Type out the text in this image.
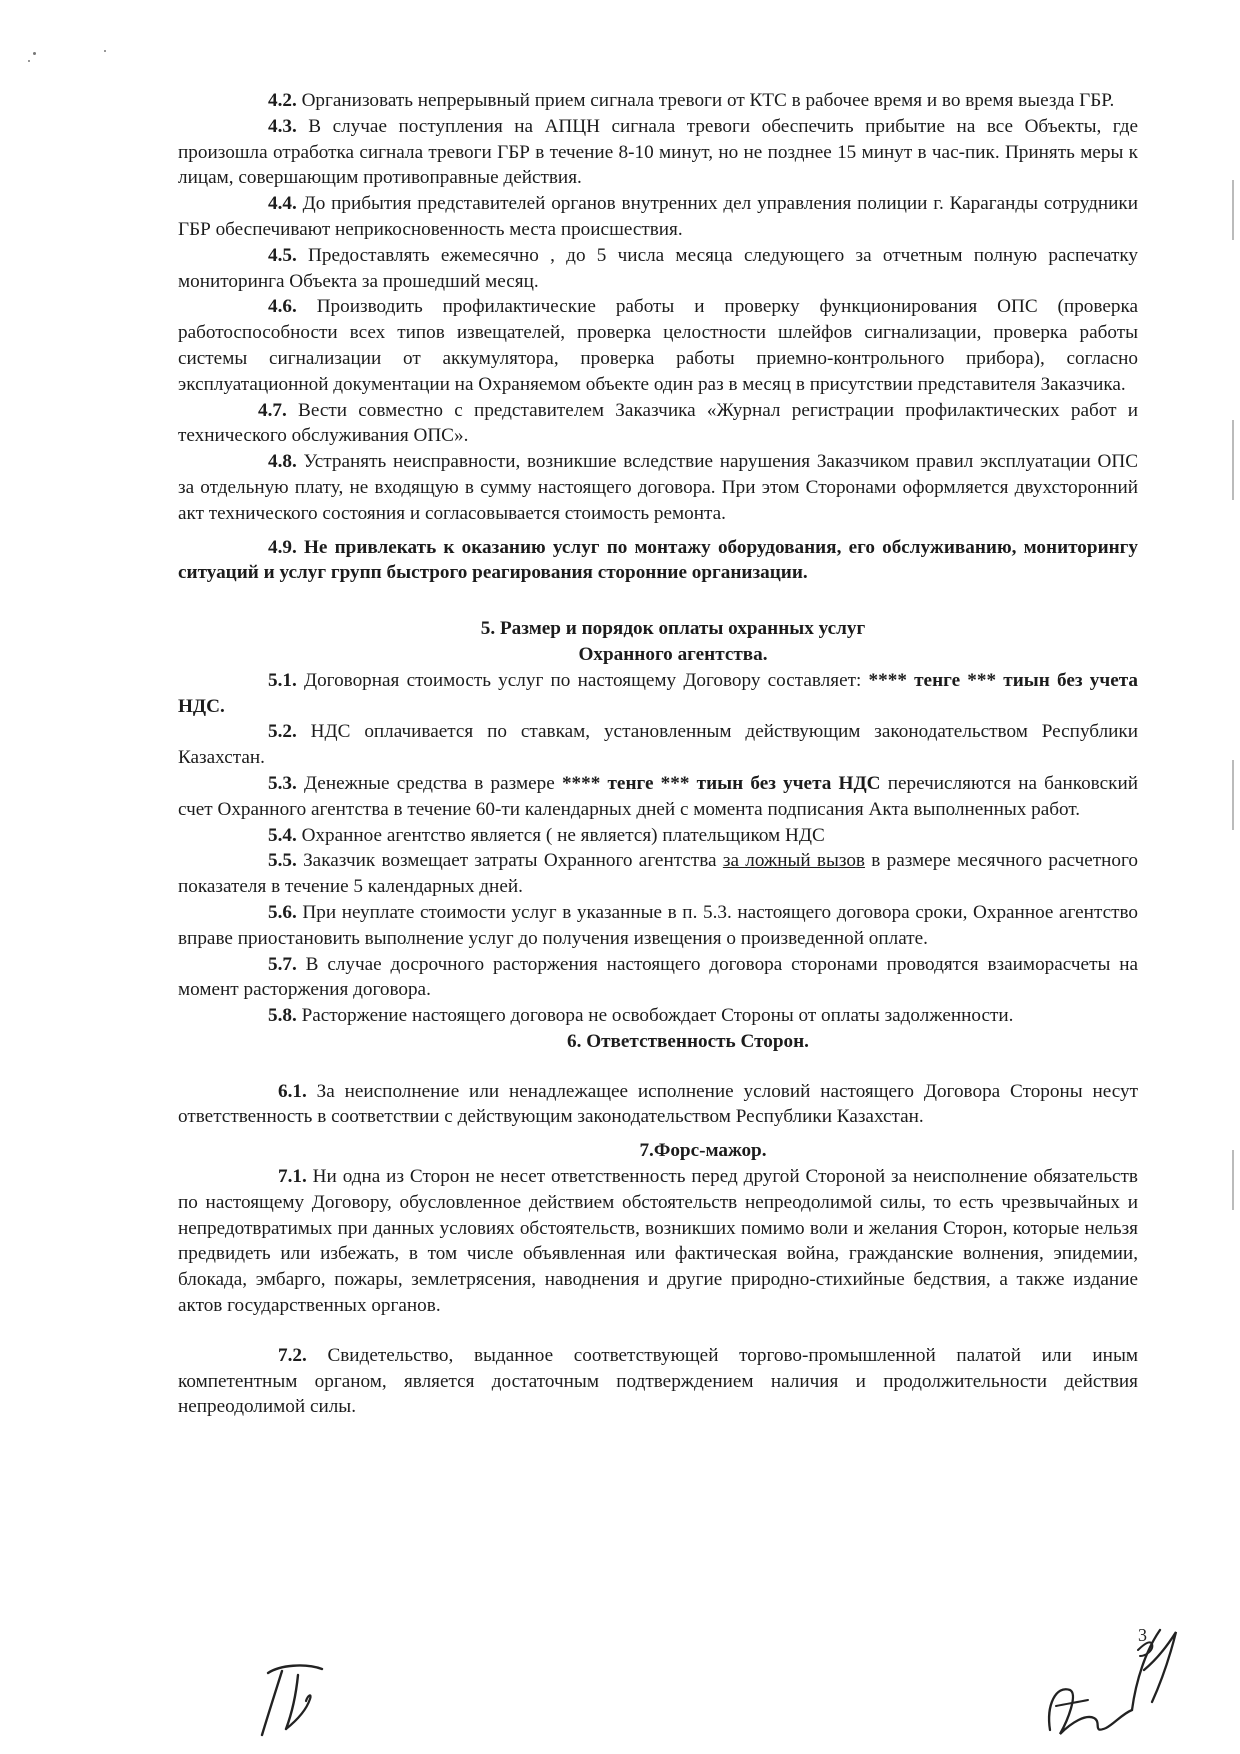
4.2. Организовать непрерывный прием сигнала тревоги от КТС в рабочее время и во время выезда ГБР.

4.3. В случае поступления на АПЦН сигнала тревоги обеспечить прибытие на все Объекты, где произошла отработка сигнала тревоги ГБР в течение 8-10 минут, но не позднее 15 минут в час-пик. Принять меры к лицам, совершающим противоправные действия.

4.4. До прибытия представителей органов внутренних дел управления полиции г. Караганды сотрудники ГБР обеспечивают неприкосновенность места происшествия.

4.5. Предоставлять ежемесячно , до 5 числа месяца следующего за отчетным полную распечатку мониторинга Объекта за прошедший месяц.

4.6. Производить профилактические работы и проверку функционирования ОПС (проверка работоспособности всех типов извещателей, проверка целостности шлейфов сигнализации, проверка работы системы сигнализации от аккумулятора, проверка работы приемно-контрольного прибора), согласно эксплуатационной документации на Охраняемом объекте один раз в месяц в присутствии представителя Заказчика.

4.7. Вести совместно с представителем Заказчика «Журнал регистрации профилактических работ и технического обслуживания ОПС».

4.8. Устранять неисправности, возникшие вследствие нарушения Заказчиком правил эксплуатации ОПС за отдельную плату, не входящую в сумму настоящего договора. При этом Сторонами оформляется двухсторонний акт технического состояния и согласовывается стоимость ремонта.

4.9. Не привлекать к оказанию услуг по монтажу оборудования, его обслуживанию, мониторингу ситуаций и услуг групп быстрого реагирования сторонние организации.

5. Размер и порядок оплаты охранных услуг
Охранного агентства.

5.1. Договорная стоимость услуг по настоящему Договору составляет: **** тенге *** тиын без учета НДС.

5.2. НДС оплачивается по ставкам, установленным действующим законодательством Республики Казахстан.

5.3. Денежные средства в размере **** тенге *** тиын без учета НДС перечисляются на банковский счет Охранного агентства в течение 60-ти календарных дней с момента подписания Акта выполненных работ.

5.4. Охранное агентство является ( не является) плательщиком НДС

5.5. Заказчик возмещает затраты Охранного агентства за ложный вызов в размере месячного расчетного показателя в течение 5 календарных дней.

5.6. При неуплате стоимости услуг в указанные в п. 5.3. настоящего договора сроки, Охранное агентство вправе приостановить выполнение услуг до получения извещения о произведенной оплате.

5.7. В случае досрочного расторжения настоящего договора сторонами проводятся взаиморасчеты на момент расторжения договора.

5.8. Расторжение настоящего договора не освобождает Стороны от оплаты задолженности.

6. Ответственность Сторон.

6.1. За неисполнение или ненадлежащее исполнение условий настоящего Договора Стороны несут ответственность в соответствии с действующим законодательством Республики Казахстан.

7.Форс-мажор.

7.1. Ни одна из Сторон не несет ответственность перед другой Стороной за неисполнение обязательств по настоящему Договору, обусловленное действием обстоятельств непреодолимой силы, то есть чрезвычайных и непредотвратимых при данных условиях обстоятельств, возникших помимо воли и желания Сторон, которые нельзя предвидеть или избежать, в том числе объявленная или фактическая война, гражданские волнения, эпидемии, блокада, эмбарго, пожары, землетрясения, наводнения и другие природно-стихийные бедствия, а также издание актов государственных органов.

7.2. Свидетельство, выданное соответствующей торгово-промышленной палатой или иным компетентным органом, является достаточным подтверждением наличия и продолжительности действия непреодолимой силы.

3
